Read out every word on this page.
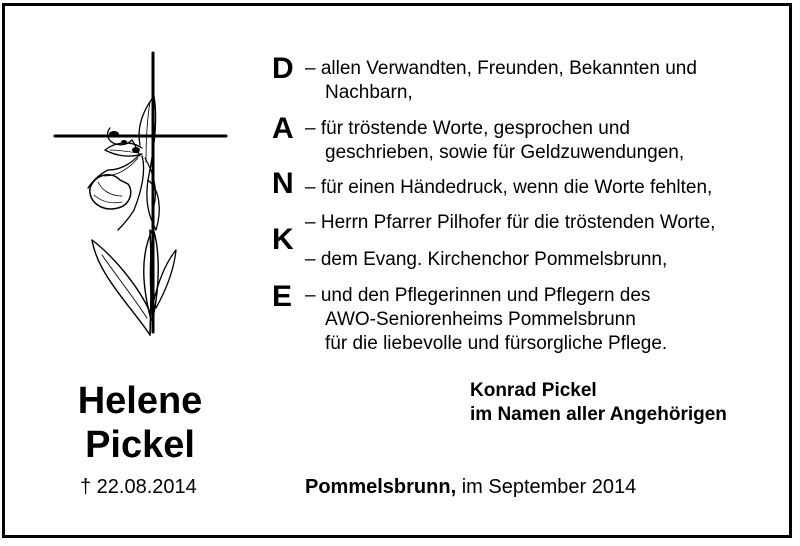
D
A
N
K
E
– allen Verwandten, Freunden, Bekannten und
Nachbarn,
– für tröstende Worte, gesprochen und
geschrieben, sowie für Geldzuwendungen,
– für einen Händedruck, wenn die Worte fehlten,
– Herrn Pfarrer Pilhofer für die tröstenden Worte,
– dem Evang. Kirchenchor Pommelsbrunn,
– und den Pflegerinnen und Pflegern des
AWO-Seniorenheims Pommelsbrunn
für die liebevolle und fürsorgliche Pflege.
Helene
Pickel
† 22.08.2014
Konrad Pickel
im Namen aller Angehörigen
Pommelsbrunn, im September 2014
